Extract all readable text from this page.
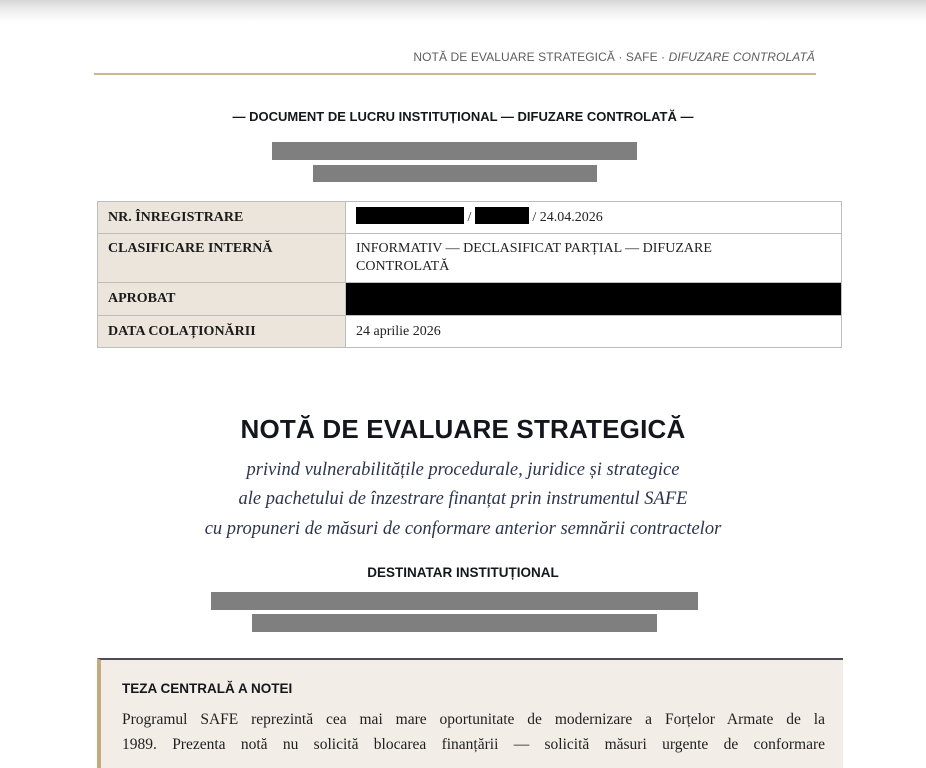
NOTĂ DE EVALUARE STRATEGICĂ · SAFE · DIFUZARE CONTROLATĂ
— DOCUMENT DE LUCRU INSTITUȚIONAL — DIFUZARE CONTROLATĂ —
NR. ÎNREGISTRARE	/ / 24.04.2026
CLASIFICARE INTERNĂ	INFORMATIV — DECLASIFICAT PARȚIAL — DIFUZARE CONTROLATĂ
APROBAT	
DATA COLAȚIONĂRII	24 aprilie 2026
NOTĂ DE EVALUARE STRATEGICĂ
privind vulnerabilitățile procedurale, juridice și strategice
ale pachetului de înzestrare finanțat prin instrumentul SAFE
cu propuneri de măsuri de conformare anterior semnării contractelor
DESTINATAR INSTITUȚIONAL
TEZA CENTRALĂ A NOTEI
Programul SAFE reprezintă cea mai mare oportunitate de modernizare a Forțelor Armate de la
1989. Prezenta notă nu solicită blocarea finanțării — solicită măsuri urgente de conformare
